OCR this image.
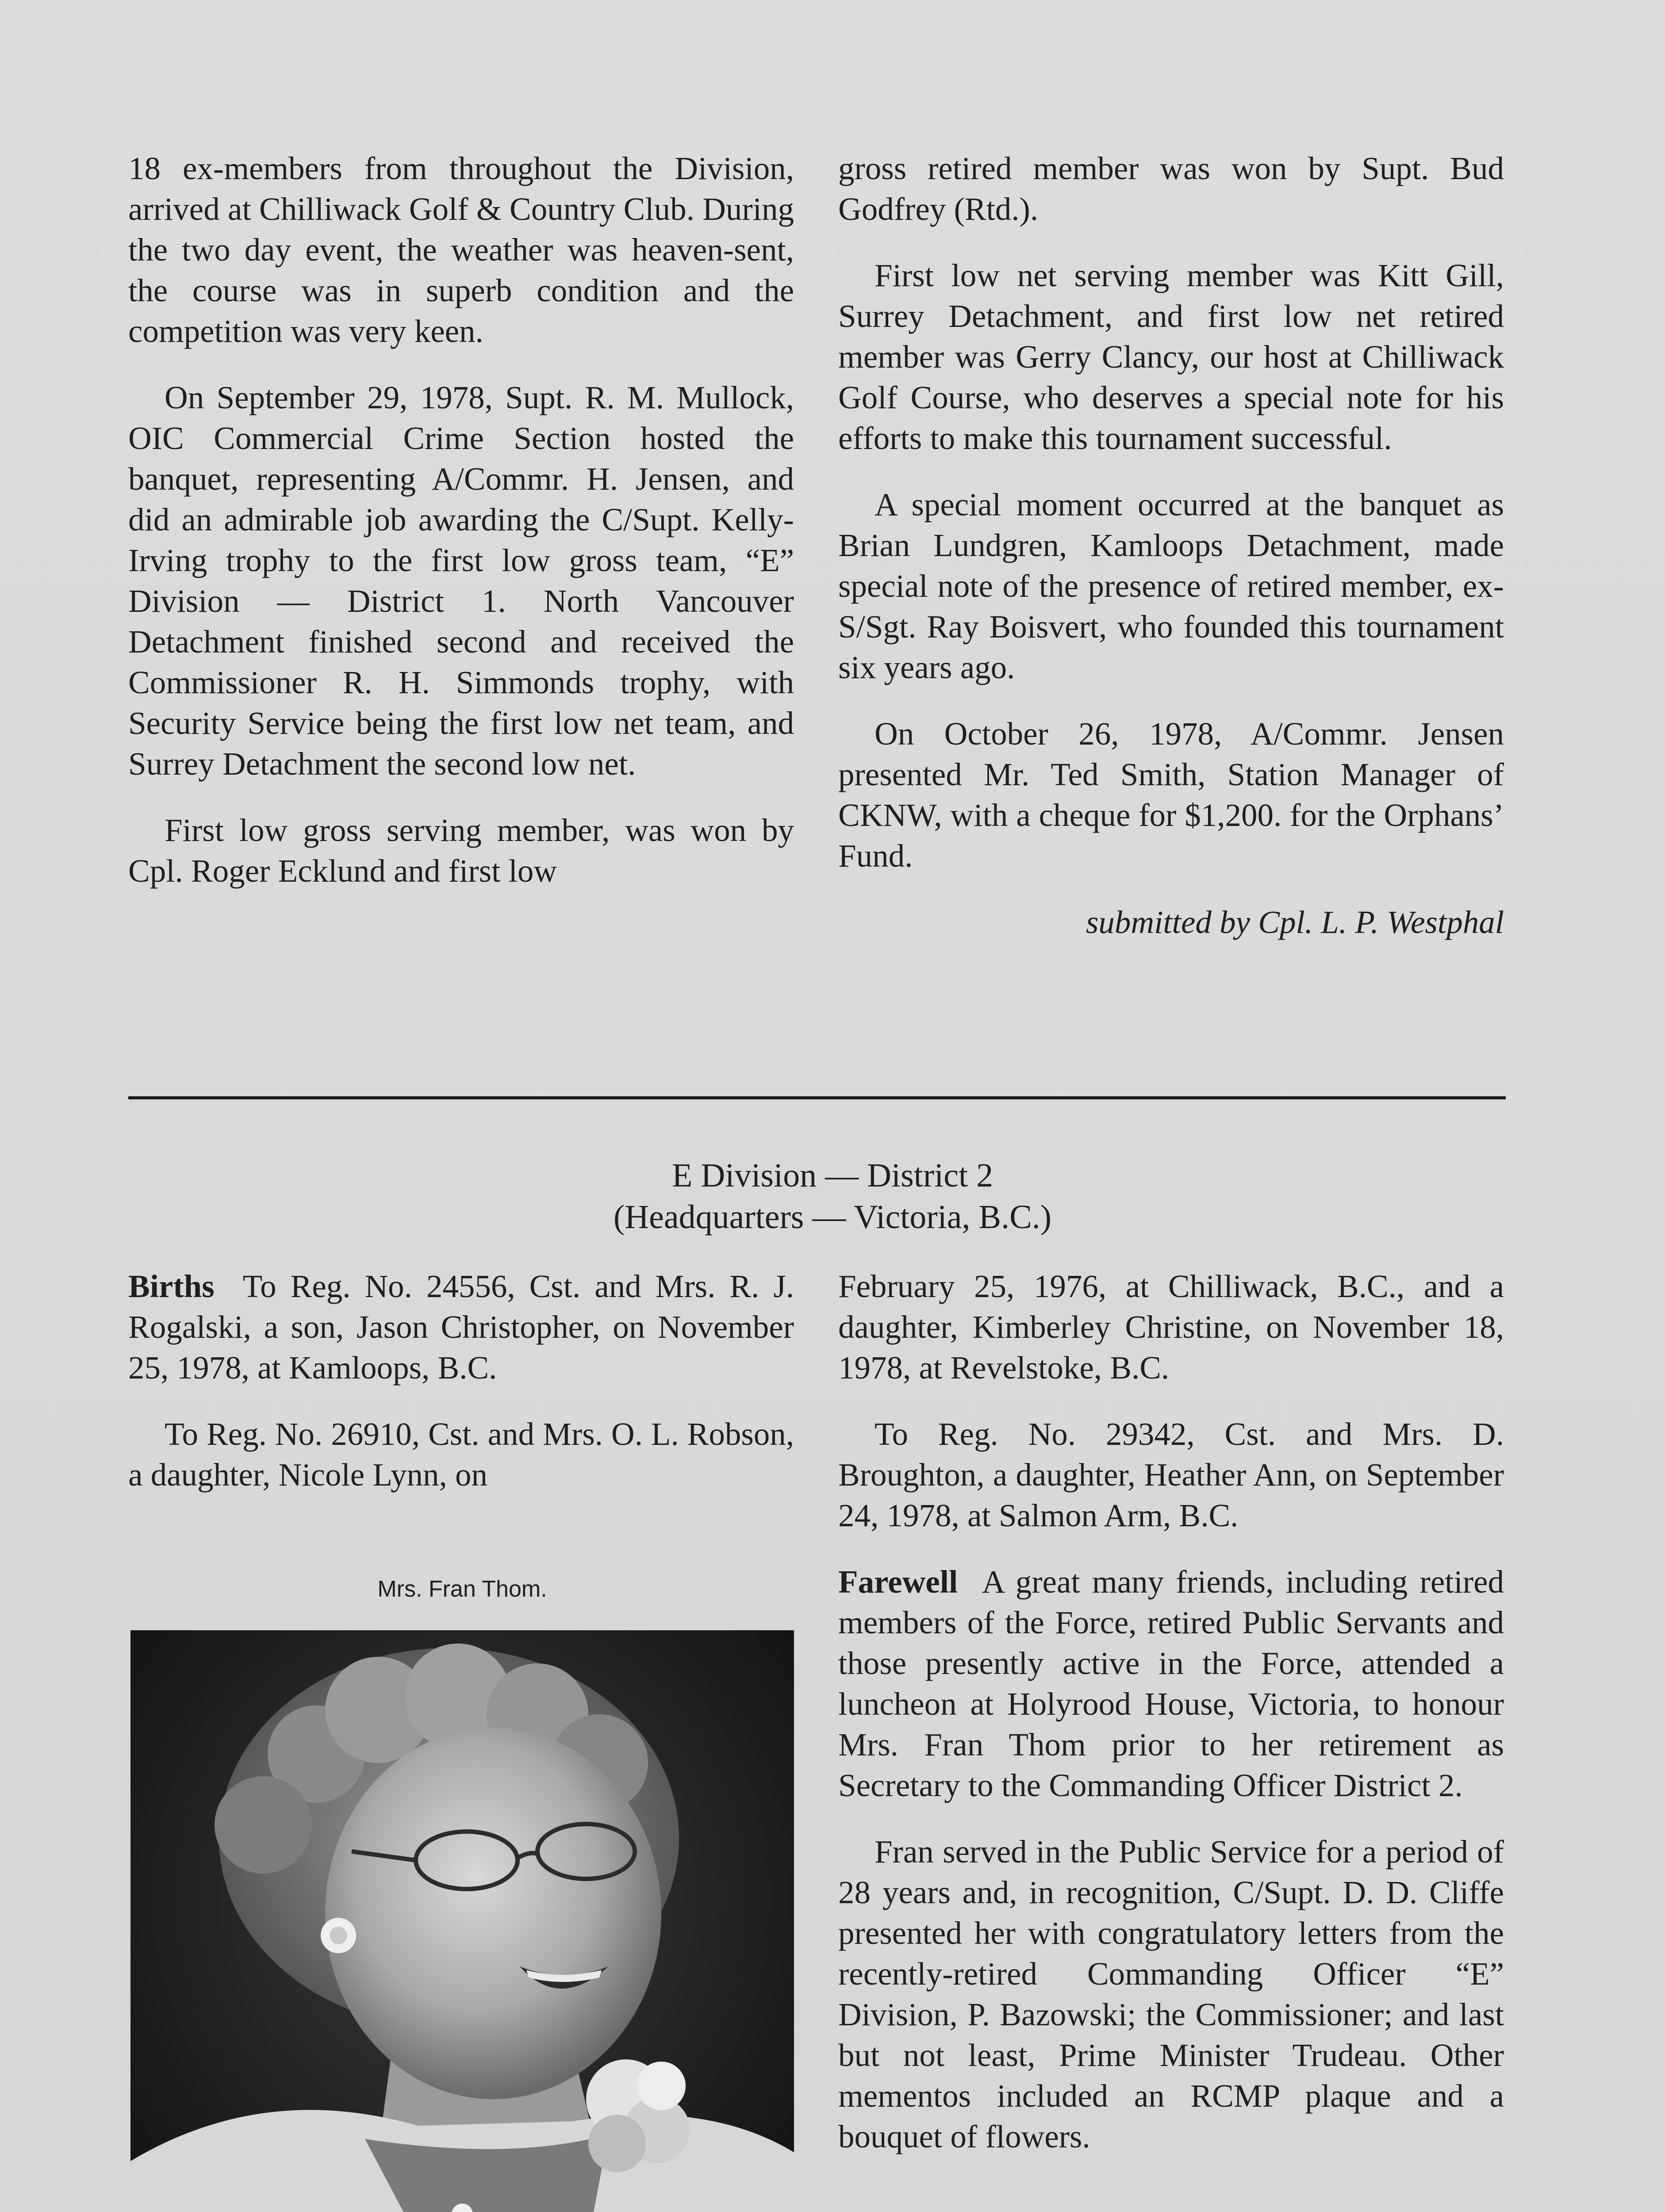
18 ex-members from throughout the Division, arrived at Chilliwack Golf & Country Club. During the two day event, the weather was heaven-sent, the course was in superb condition and the competition was very keen.

On September 29, 1978, Supt. R. M. Mullock, OIC Commercial Crime Section hosted the banquet, representing A/Commr. H. Jensen, and did an admirable job awarding the C/Supt. Kelly-Irving trophy to the first low gross team, “E” Division — District 1. North Vancouver Detachment finished second and received the Commissioner R. H. Simmonds trophy, with Security Service being the first low net team, and Surrey Detachment the second low net.

First low gross serving member, was won by Cpl. Roger Ecklund and first low

gross retired member was won by Supt. Bud Godfrey (Rtd.).

First low net serving member was Kitt Gill, Surrey Detachment, and first low net retired member was Gerry Clancy, our host at Chilliwack Golf Course, who deserves a special note for his efforts to make this tournament successful.

A special moment occurred at the banquet as Brian Lundgren, Kamloops Detachment, made special note of the presence of retired member, ex-S/Sgt. Ray Boisvert, who founded this tournament six years ago.

On October 26, 1978, A/Commr. Jensen presented Mr. Ted Smith, Station Manager of CKNW, with a cheque for $1,200. for the Orphans’ Fund.

submitted by Cpl. L. P. Westphal

E Division — District 2
(Headquarters — Victoria, B.C.)

Births To Reg. No. 24556, Cst. and Mrs. R. J. Rogalski, a son, Jason Christopher, on November 25, 1978, at Kamloops, B.C.

To Reg. No. 26910, Cst. and Mrs. O. L. Robson, a daughter, Nicole Lynn, on

Mrs. Fran Thom.

February 25, 1976, at Chilliwack, B.C., and a daughter, Kimberley Christine, on November 18, 1978, at Revelstoke, B.C.

To Reg. No. 29342, Cst. and Mrs. D. Broughton, a daughter, Heather Ann, on September 24, 1978, at Salmon Arm, B.C.

Farewell A great many friends, including retired members of the Force, retired Public Servants and those presently active in the Force, attended a luncheon at Holyrood House, Victoria, to honour Mrs. Fran Thom prior to her retirement as Secretary to the Commanding Officer District 2.

Fran served in the Public Service for a period of 28 years and, in recognition, C/Supt. D. D. Cliffe presented her with congratulatory letters from the recently-retired Commanding Officer “E” Division, P. Bazowski; the Commissioner; and last but not least, Prime Minister Trudeau. Other mementos included an RCMP plaque and a bouquet of flowers.
